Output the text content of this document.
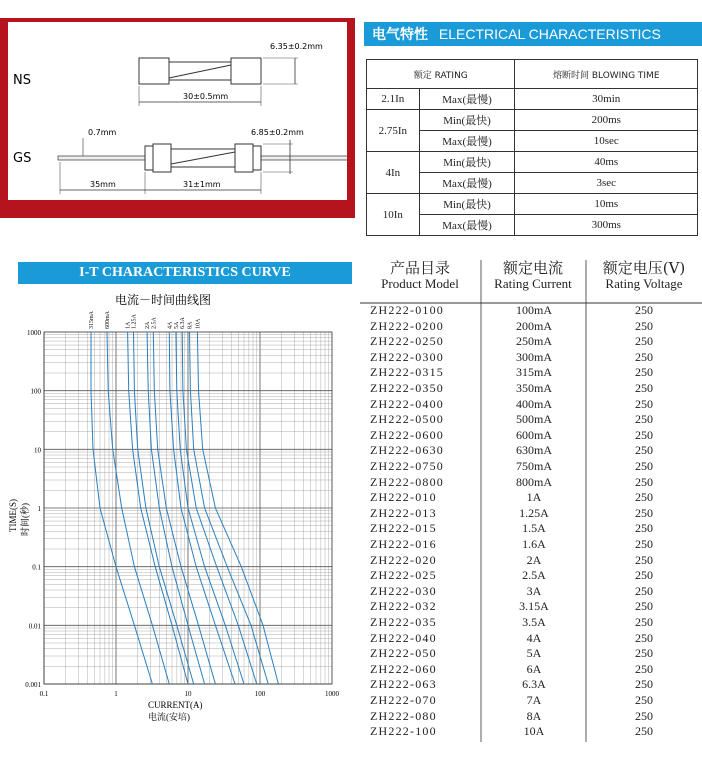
NS
6.35±0.2mm
30±0.5mm
GS
0.7mm	6.85±0.2mm
35mm	31±1mm
电气特性 ELECTRICAL CHARACTERISTICS
额定 RATING		熔断时间 BLOWING TIME
2.1In	Max(最慢)	30min
2.75In	Min(最快)	200ms
	Max(最慢)	10sec
4In	Min(最快)	40ms
	Max(最慢)	3sec
10In	Min(最快)	10ms
	Max(最慢)	300ms
I-T CHARACTERISTICS CURVE
电流－时间曲线图
315mA 600mA 1A 1.25A 2A 2.5A 4A 5A 6.3A 8A 10A
1000
100
10
1
0.1
0.01
0.001
0.1	1	10	100	1000
TIME(S) 时间(秒)
CURRENT(A)
电流(安培)
产品目录
Product Model
额定电流
Rating Current
额定电压(V)
Rating Voltage
ZH222-0100	100mA	250
ZH222-0200	200mA	250
ZH222-0250	250mA	250
ZH222-0300	300mA	250
ZH222-0315	315mA	250
ZH222-0350	350mA	250
ZH222-0400	400mA	250
ZH222-0500	500mA	250
ZH222-0600	600mA	250
ZH222-0630	630mA	250
ZH222-0750	750mA	250
ZH222-0800	800mA	250
ZH222-010	1A	250
ZH222-013	1.25A	250
ZH222-015	1.5A	250
ZH222-016	1.6A	250
ZH222-020	2A	250
ZH222-025	2.5A	250
ZH222-030	3A	250
ZH222-032	3.15A	250
ZH222-035	3.5A	250
ZH222-040	4A	250
ZH222-050	5A	250
ZH222-060	6A	250
ZH222-063	6.3A	250
ZH222-070	7A	250
ZH222-080	8A	250
ZH222-100	10A	250
